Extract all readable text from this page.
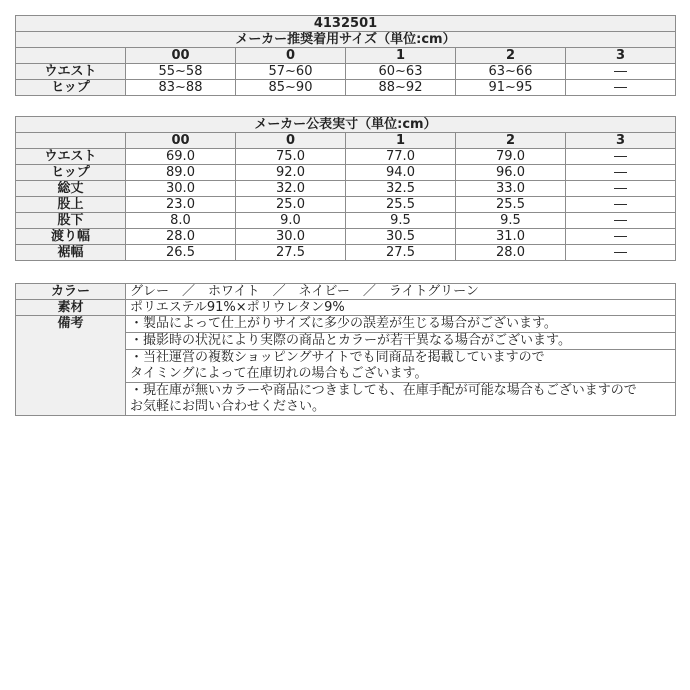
4132501					
メーカー推奨着用サイズ（単位:cm）					
	00	0	1	2	3
ウエスト	55~58	57~60	60~63	63~66	―
ヒップ	83~88	85~90	88~92	91~95	―
メーカー公表実寸（単位:cm）					
	00	0	1	2	3
ウエスト	69.0	75.0	77.0	79.0	―
ヒップ	89.0	92.0	94.0	96.0	―
総丈	30.0	32.0	32.5	33.0	―
股上	23.0	25.0	25.5	25.5	―
股下	8.0	9.0	9.5	9.5	―
渡り幅	28.0	30.0	30.5	31.0	―
裾幅	26.5	27.5	27.5	28.0	―
カラー	グレー　／　ホワイト　／　ネイビー　／　ライトグリーン
素材	ポリエステル91%×ポリウレタン9%
備考	・製品によって仕上がりサイズに多少の誤差が生じる場合がございます。
	・撮影時の状況により実際の商品とカラーが若干異なる場合がございます。
	・当社運営の複数ショッピングサイトでも同商品を掲載していますので
タイミングによって在庫切れの場合もございます。
	・現在庫が無いカラーや商品につきましても、在庫手配が可能な場合もございますので
お気軽にお問い合わせください。
